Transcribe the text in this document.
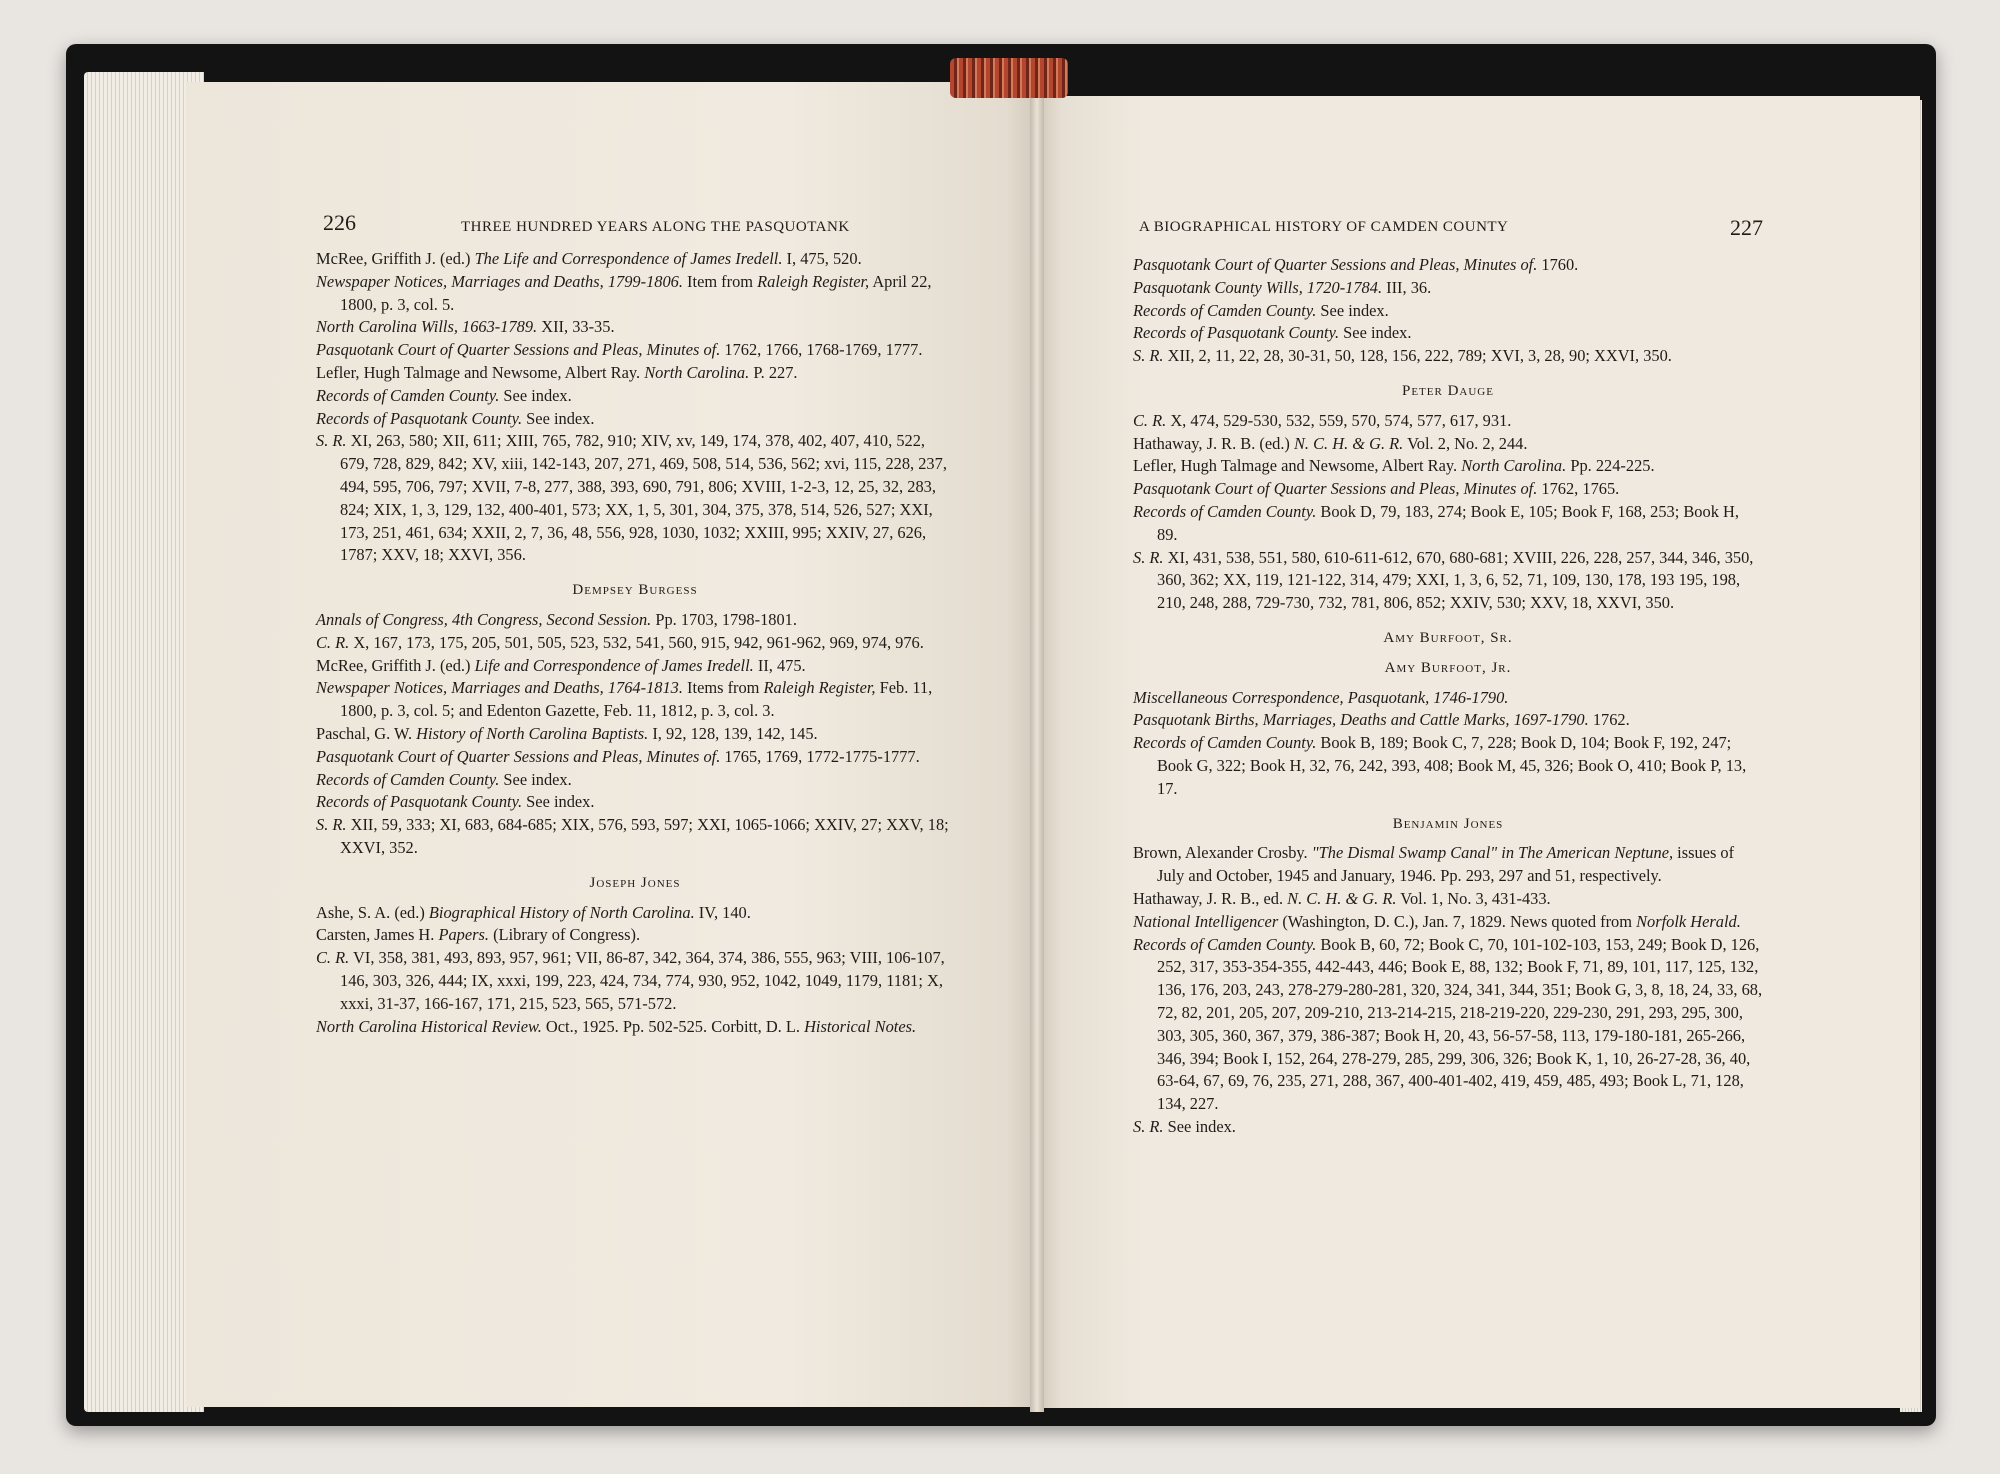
226	THREE HUNDRED YEARS ALONG THE PASQUOTANK	A BIOGRAPHICAL HISTORY OF CAMDEN COUNTY	227

McRee, Griffith J. (ed.) The Life and Correspondence of James Iredell. I, 475, 520.

Newspaper Notices, Marriages and Deaths, 1799-1806. Item from Raleigh Register, April 22, 1800, p. 3, col. 5.

North Carolina Wills, 1663-1789. XII, 33-35.

Pasquotank Court of Quarter Sessions and Pleas, Minutes of. 1762, 1766, 1768-1769, 1777.

Lefler, Hugh Talmage and Newsome, Albert Ray. North Carolina. P. 227.

Records of Camden County. See index.

Records of Pasquotank County. See index.

S. R. XI, 263, 580; XII, 611; XIII, 765, 782, 910; XIV, xv, 149, 174, 378, 402, 407, 410, 522, 679, 728, 829, 842; XV, xiii, 142-143, 207, 271, 469, 508, 514, 536, 562; xvi, 115, 228, 237, 494, 595, 706, 797; XVII, 7-8, 277, 388, 393, 690, 791, 806; XVIII, 1-2-3, 12, 25, 32, 283, 824; XIX, 1, 3, 129, 132, 400-401, 573; XX, 1, 5, 301, 304, 375, 378, 514, 526, 527; XXI, 173, 251, 461, 634; XXII, 2, 7, 36, 48, 556, 928, 1030, 1032; XXIII, 995; XXIV, 27, 626, 1787; XXV, 18; XXVI, 356.

Dempsey Burgess

Annals of Congress, 4th Congress, Second Session. Pp. 1703, 1798-1801.

C. R. X, 167, 173, 175, 205, 501, 505, 523, 532, 541, 560, 915, 942, 961-962, 969, 974, 976.

McRee, Griffith J. (ed.) Life and Correspondence of James Iredell. II, 475.

Newspaper Notices, Marriages and Deaths, 1764-1813. Items from Raleigh Register, Feb. 11, 1800, p. 3, col. 5; and Edenton Gazette, Feb. 11, 1812, p. 3, col. 3.

Paschal, G. W. History of North Carolina Baptists. I, 92, 128, 139, 142, 145.

Pasquotank Court of Quarter Sessions and Pleas, Minutes of. 1765, 1769, 1772-1775-1777.

Records of Camden County. See index.

Records of Pasquotank County. See index.

S. R. XII, 59, 333; XI, 683, 684-685; XIX, 576, 593, 597; XXI, 1065-1066; XXIV, 27; XXV, 18; XXVI, 352.

Joseph Jones

Ashe, S. A. (ed.) Biographical History of North Carolina. IV, 140.

Carsten, James H. Papers. (Library of Congress).

C. R. VI, 358, 381, 493, 893, 957, 961; VII, 86-87, 342, 364, 374, 386, 555, 963; VIII, 106-107, 146, 303, 326, 444; IX, xxxi, 199, 223, 424, 734, 774, 930, 952, 1042, 1049, 1179, 1181; X, xxxi, 31-37, 166-167, 171, 215, 523, 565, 571-572.

North Carolina Historical Review. Oct., 1925. Pp. 502-525. Corbitt, D. L. Historical Notes.

Pasquotank Court of Quarter Sessions and Pleas, Minutes of. 1760.

Pasquotank County Wills, 1720-1784. III, 36.

Records of Camden County. See index.

Records of Pasquotank County. See index.

S. R. XII, 2, 11, 22, 28, 30-31, 50, 128, 156, 222, 789; XVI, 3, 28, 90; XXVI, 350.

Peter Dauge

C. R. X, 474, 529-530, 532, 559, 570, 574, 577, 617, 931.

Hathaway, J. R. B. (ed.) N. C. H. & G. R. Vol. 2, No. 2, 244.

Lefler, Hugh Talmage and Newsome, Albert Ray. North Carolina. Pp. 224-225.

Pasquotank Court of Quarter Sessions and Pleas, Minutes of. 1762, 1765.

Records of Camden County. Book D, 79, 183, 274; Book E, 105; Book F, 168, 253; Book H, 89.

S. R. XI, 431, 538, 551, 580, 610-611-612, 670, 680-681; XVIII, 226, 228, 257, 344, 346, 350, 360, 362; XX, 119, 121-122, 314, 479; XXI, 1, 3, 6, 52, 71, 109, 130, 178, 193 195, 198, 210, 248, 288, 729-730, 732, 781, 806, 852; XXIV, 530; XXV, 18, XXVI, 350.

Amy Burfoot, Sr.
Amy Burfoot, Jr.

Miscellaneous Correspondence, Pasquotank, 1746-1790.

Pasquotank Births, Marriages, Deaths and Cattle Marks, 1697-1790. 1762.

Records of Camden County. Book B, 189; Book C, 7, 228; Book D, 104; Book F, 192, 247; Book G, 322; Book H, 32, 76, 242, 393, 408; Book M, 45, 326; Book O, 410; Book P, 13, 17.

Benjamin Jones

Brown, Alexander Crosby. "The Dismal Swamp Canal" in The American Neptune, issues of July and October, 1945 and January, 1946. Pp. 293, 297 and 51, respectively.

Hathaway, J. R. B., ed. N. C. H. & G. R. Vol. 1, No. 3, 431-433.

National Intelligencer (Washington, D. C.), Jan. 7, 1829. News quoted from Norfolk Herald.

Records of Camden County. Book B, 60, 72; Book C, 70, 101-102-103, 153, 249; Book D, 126, 252, 317, 353-354-355, 442-443, 446; Book E, 88, 132; Book F, 71, 89, 101, 117, 125, 132, 136, 176, 203, 243, 278-279-280-281, 320, 324, 341, 344, 351; Book G, 3, 8, 18, 24, 33, 68, 72, 82, 201, 205, 207, 209-210, 213-214-215, 218-219-220, 229-230, 291, 293, 295, 300, 303, 305, 360, 367, 379, 386-387; Book H, 20, 43, 56-57-58, 113, 179-180-181, 265-266, 346, 394; Book I, 152, 264, 278-279, 285, 299, 306, 326; Book K, 1, 10, 26-27-28, 36, 40, 63-64, 67, 69, 76, 235, 271, 288, 367, 400-401-402, 419, 459, 485, 493; Book L, 71, 128, 134, 227.

S. R. See index.
